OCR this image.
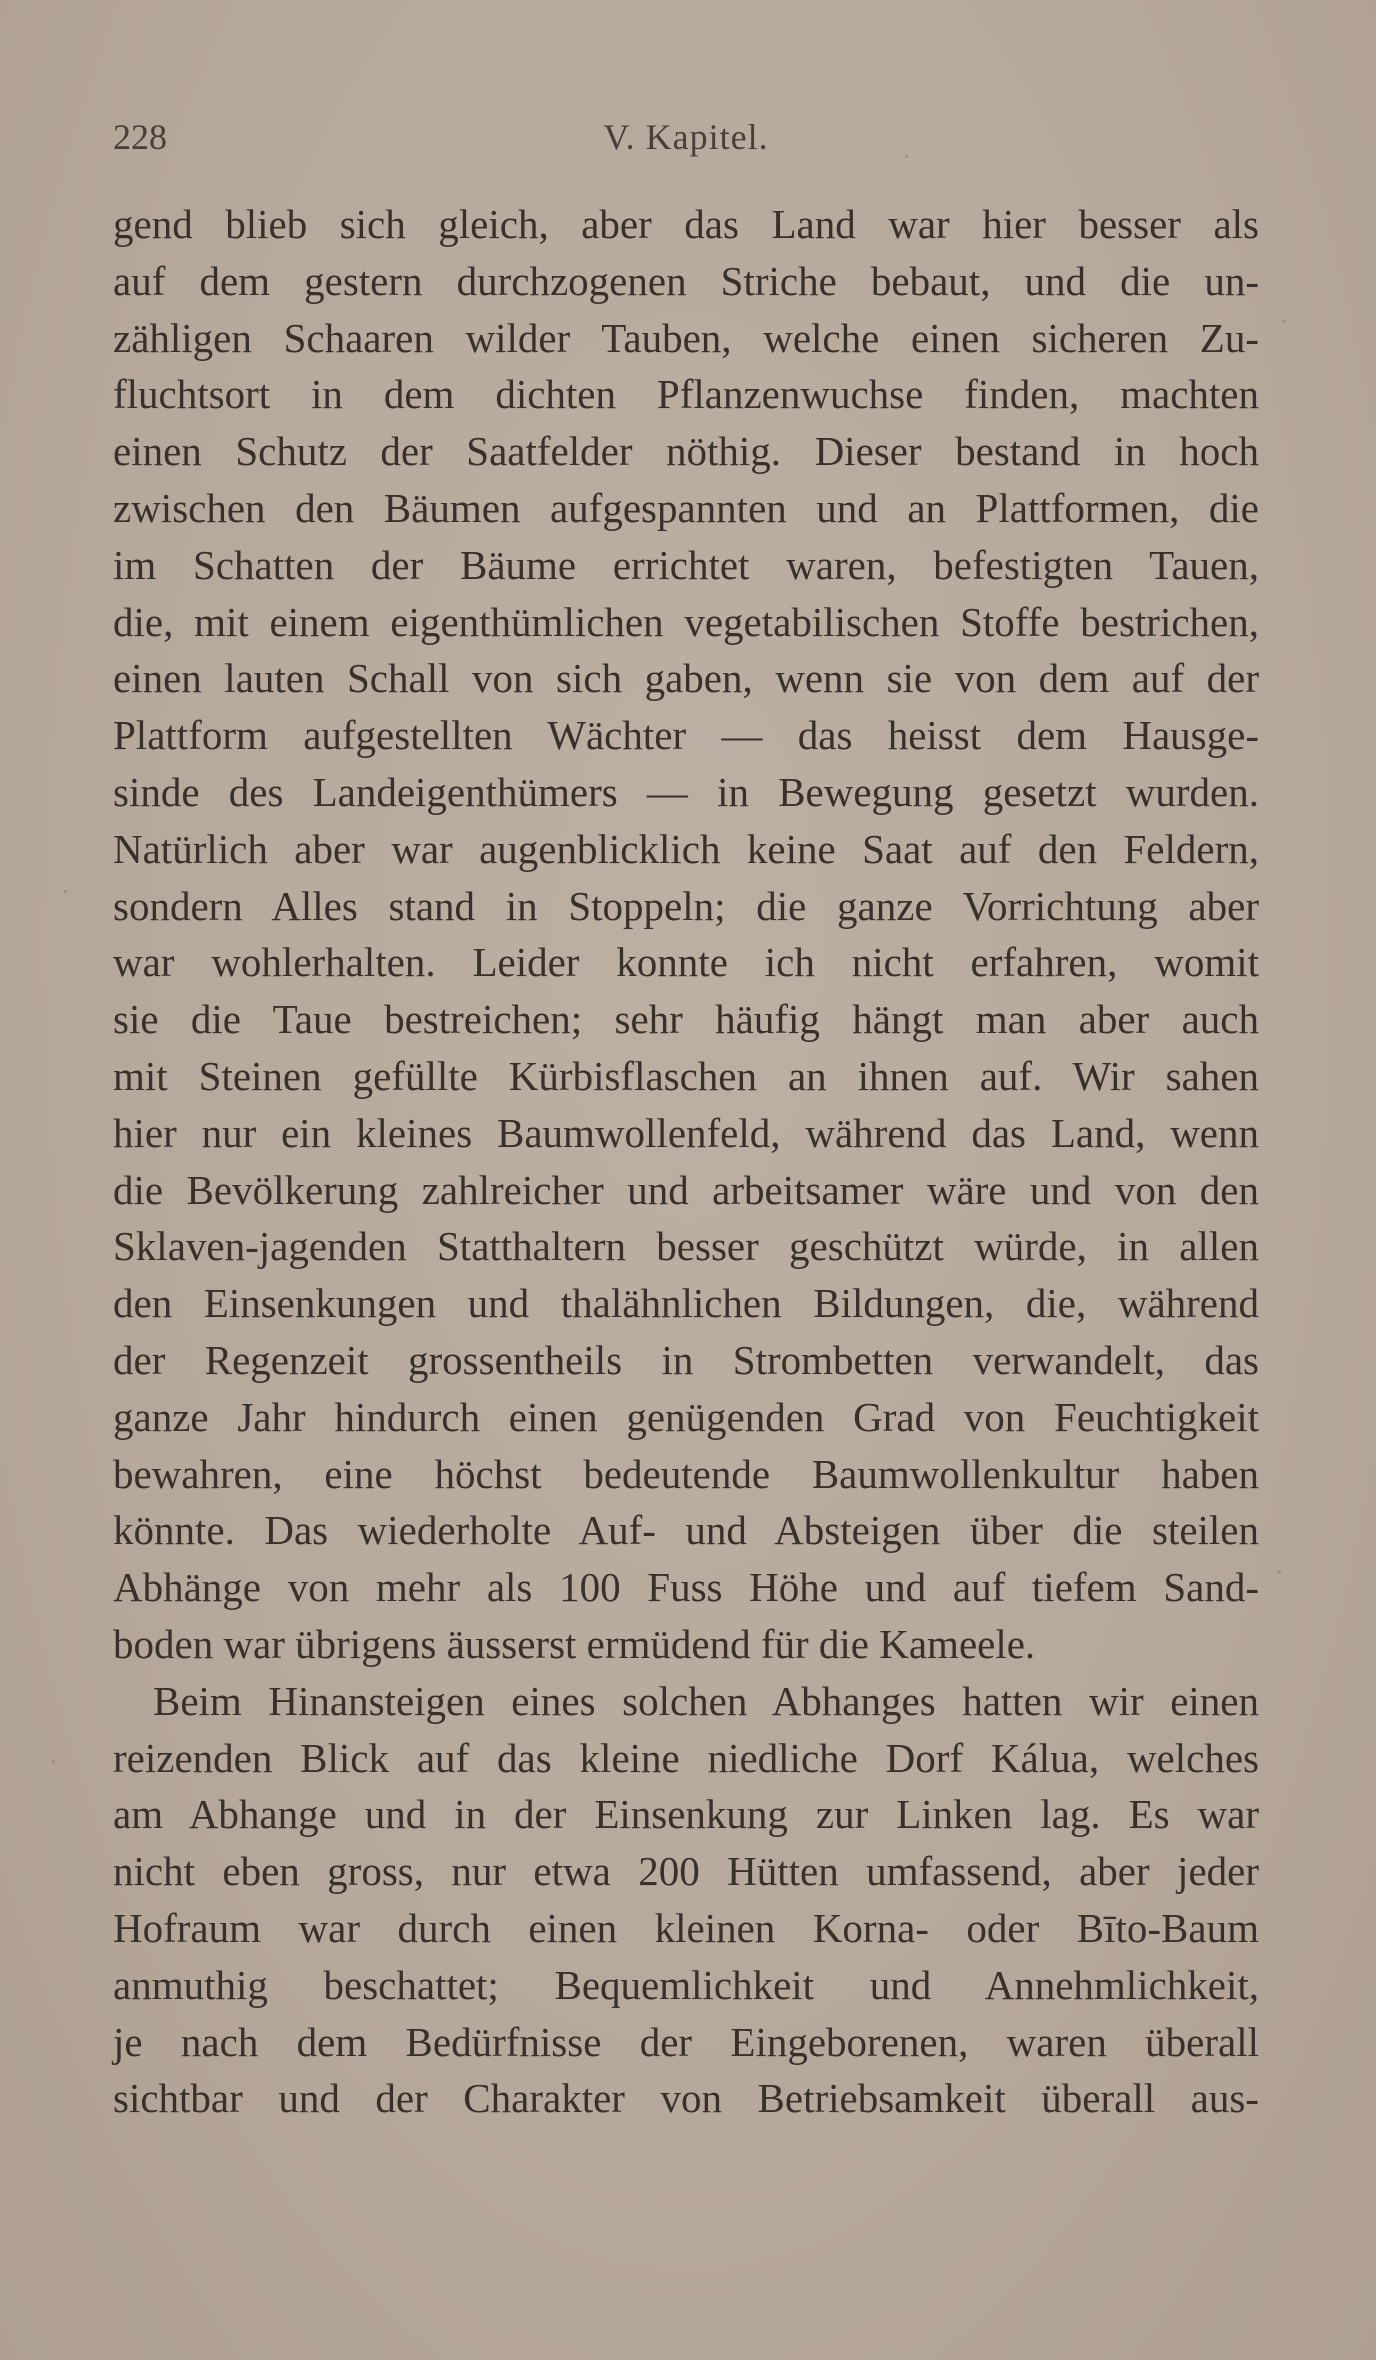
228	V. Kapitel.
gend blieb sich gleich, aber das Land war hier besser als
auf dem gestern durchzogenen Striche bebaut, und die un-
zähligen Schaaren wilder Tauben, welche einen sicheren Zu-
fluchtsort in dem dichten Pflanzenwuchse finden, machten
einen Schutz der Saatfelder nöthig. Dieser bestand in hoch
zwischen den Bäumen aufgespannten und an Plattformen, die
im Schatten der Bäume errichtet waren, befestigten Tauen,
die, mit einem eigenthümlichen vegetabilischen Stoffe bestrichen,
einen lauten Schall von sich gaben, wenn sie von dem auf der
Plattform aufgestellten Wächter — das heisst dem Hausge-
sinde des Landeigenthümers — in Bewegung gesetzt wurden.
Natürlich aber war augenblicklich keine Saat auf den Feldern,
sondern Alles stand in Stoppeln; die ganze Vorrichtung aber
war wohlerhalten. Leider konnte ich nicht erfahren, womit
sie die Taue bestreichen; sehr häufig hängt man aber auch
mit Steinen gefüllte Kürbisflaschen an ihnen auf. Wir sahen
hier nur ein kleines Baumwollenfeld, während das Land, wenn
die Bevölkerung zahlreicher und arbeitsamer wäre und von den
Sklaven-jagenden Statthaltern besser geschützt würde, in allen
den Einsenkungen und thalähnlichen Bildungen, die, während
der Regenzeit grossentheils in Strombetten verwandelt, das
ganze Jahr hindurch einen genügenden Grad von Feuchtigkeit
bewahren, eine höchst bedeutende Baumwollenkultur haben
könnte. Das wiederholte Auf- und Absteigen über die steilen
Abhänge von mehr als 100 Fuss Höhe und auf tiefem Sand-
boden war übrigens äusserst ermüdend für die Kameele.
Beim Hinansteigen eines solchen Abhanges hatten wir einen
reizenden Blick auf das kleine niedliche Dorf Kálua, welches
am Abhange und in der Einsenkung zur Linken lag. Es war
nicht eben gross, nur etwa 200 Hütten umfassend, aber jeder
Hofraum war durch einen kleinen Korna- oder Bīto-Baum
anmuthig beschattet; Bequemlichkeit und Annehmlichkeit,
je nach dem Bedürfnisse der Eingeborenen, waren überall
sichtbar und der Charakter von Betriebsamkeit überall aus-
